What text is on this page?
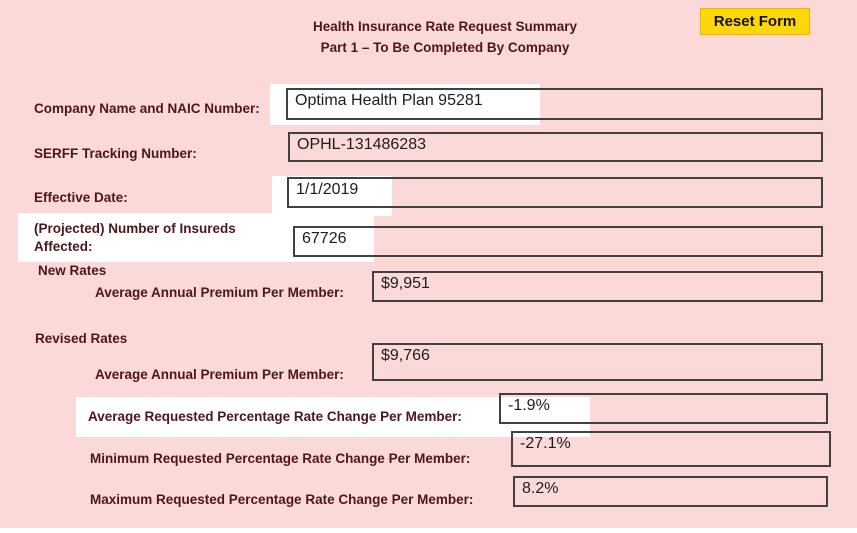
Health Insurance Rate Request Summary
Part 1 – To Be Completed By Company
Reset Form
Company Name and NAIC Number:
SERFF Tracking Number:
Effective Date:
(Projected) Number of Insureds Affected:
New Rates
Average Annual Premium Per Member:
Revised Rates
Average Annual Premium Per Member:
Average Requested Percentage Rate Change Per Member:
Minimum Requested Percentage Rate Change Per Member:
Maximum Requested Percentage Rate Change Per Member:
Optima Health Plan 95281
OPHL-131486283
1/1/2019
67726
$9,951
$9,766
-1.9%
-27.1%
8.2%
